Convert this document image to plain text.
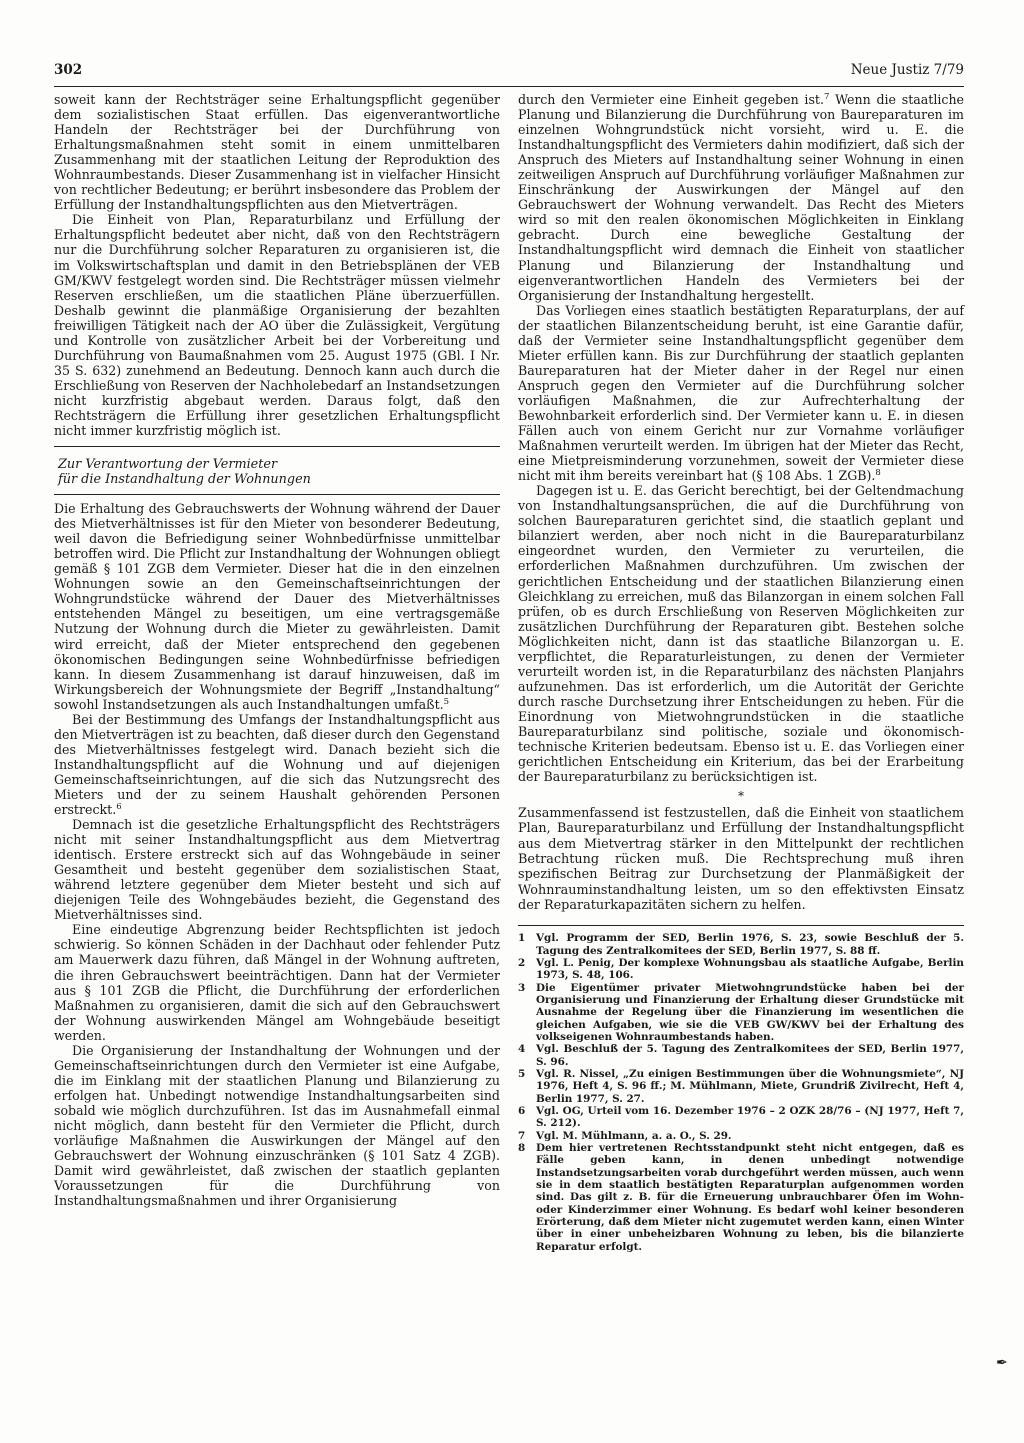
302	Neue Justiz 7/79

soweit kann der Rechtsträger seine Erhaltungspflicht gegenüber dem sozialistischen Staat erfüllen. Das eigenverantwortliche Handeln der Rechtsträger bei der Durchführung von Erhaltungsmaßnahmen steht somit in einem unmittelbaren Zusammenhang mit der staatlichen Leitung der Reproduktion des Wohnraumbestands. Dieser Zusammenhang ist in vielfacher Hinsicht von rechtlicher Bedeutung; er berührt insbesondere das Problem der Erfüllung der Instandhaltungspflichten aus den Mietverträgen.

Die Einheit von Plan, Reparaturbilanz und Erfüllung der Erhaltungspflicht bedeutet aber nicht, daß von den Rechtsträgern nur die Durchführung solcher Reparaturen zu organisieren ist, die im Volkswirtschaftsplan und damit in den Betriebsplänen der VEB GM/KWV festgelegt worden sind. Die Rechtsträger müssen vielmehr Reserven erschließen, um die staatlichen Pläne überzuerfüllen. Deshalb gewinnt die planmäßige Organisierung der bezahlten freiwilligen Tätigkeit nach der AO über die Zulässigkeit, Vergütung und Kontrolle von zusätzlicher Arbeit bei der Vorbereitung und Durchführung von Baumaßnahmen vom 25. August 1975 (GBl. I Nr. 35 S. 632) zunehmend an Bedeutung. Dennoch kann auch durch die Erschließung von Reserven der Nachholebedarf an Instandsetzungen nicht kurzfristig abgebaut werden. Daraus folgt, daß den Rechtsträgern die Erfüllung ihrer gesetzlichen Erhaltungspflicht nicht immer kurzfristig möglich ist.

Zur Verantwortung der Vermieter
für die Instandhaltung der Wohnungen

Die Erhaltung des Gebrauchswerts der Wohnung während der Dauer des Mietverhältnisses ist für den Mieter von besonderer Bedeutung, weil davon die Befriedigung seiner Wohnbedürfnisse unmittelbar betroffen wird. Die Pflicht zur Instandhaltung der Wohnungen obliegt gemäß § 101 ZGB dem Vermieter. Dieser hat die in den einzelnen Wohnungen sowie an den Gemeinschaftseinrichtungen der Wohngrundstücke während der Dauer des Mietverhältnisses entstehenden Mängel zu beseitigen, um eine vertragsgemäße Nutzung der Wohnung durch die Mieter zu gewährleisten. Damit wird erreicht, daß der Mieter entsprechend den gegebenen ökonomischen Bedingungen seine Wohnbedürfnisse befriedigen kann. In diesem Zusammenhang ist darauf hinzuweisen, daß im Wirkungsbereich der Wohnungsmiete der Begriff „Instandhaltung“ sowohl Instandsetzungen als auch Instandhaltungen umfaßt.$^5$

Bei der Bestimmung des Umfangs der Instandhaltungspflicht aus den Mietverträgen ist zu beachten, daß dieser durch den Gegenstand des Mietverhältnisses festgelegt wird. Danach bezieht sich die Instandhaltungspflicht auf die Wohnung und auf diejenigen Gemeinschaftseinrichtungen, auf die sich das Nutzungsrecht des Mieters und der zu seinem Haushalt gehörenden Personen erstreckt.$^6$

Demnach ist die gesetzliche Erhaltungspflicht des Rechtsträgers nicht mit seiner Instandhaltungspflicht aus dem Mietvertrag identisch. Erstere erstreckt sich auf das Wohngebäude in seiner Gesamtheit und besteht gegenüber dem sozialistischen Staat, während letztere gegenüber dem Mieter besteht und sich auf diejenigen Teile des Wohngebäudes bezieht, die Gegenstand des Mietverhältnisses sind.

Eine eindeutige Abgrenzung beider Rechtspflichten ist jedoch schwierig. So können Schäden in der Dachhaut oder fehlender Putz am Mauerwerk dazu führen, daß Mängel in der Wohnung auftreten, die ihren Gebrauchswert beeinträchtigen. Dann hat der Vermieter aus § 101 ZGB die Pflicht, die Durchführung der erforderlichen Maßnahmen zu organisieren, damit die sich auf den Gebrauchswert der Wohnung auswirkenden Mängel am Wohngebäude beseitigt werden.

Die Organisierung der Instandhaltung der Wohnungen und der Gemeinschaftseinrichtungen durch den Vermieter ist eine Aufgabe, die im Einklang mit der staatlichen Planung und Bilanzierung zu erfolgen hat. Unbedingt notwendige Instandhaltungsarbeiten sind sobald wie möglich durchzuführen. Ist das im Ausnahmefall einmal nicht möglich, dann besteht für den Vermieter die Pflicht, durch vorläufige Maßnahmen die Auswirkungen der Mängel auf den Gebrauchswert der Wohnung einzuschränken (§ 101 Satz 4 ZGB). Damit wird gewährleistet, daß zwischen der staatlich geplanten Voraussetzungen für die Durchführung von Instandhaltungsmaßnahmen und ihrer Organisierung

durch den Vermieter eine Einheit gegeben ist.$^7$ Wenn die staatliche Planung und Bilanzierung die Durchführung von Baureparaturen im einzelnen Wohngrundstück nicht vorsieht, wird u. E. die Instandhaltungspflicht des Vermieters dahin modifiziert, daß sich der Anspruch des Mieters auf Instandhaltung seiner Wohnung in einen zeitweiligen Anspruch auf Durchführung vorläufiger Maßnahmen zur Einschränkung der Auswirkungen der Mängel auf den Gebrauchswert der Wohnung verwandelt. Das Recht des Mieters wird so mit den realen ökonomischen Möglichkeiten in Einklang gebracht. Durch eine bewegliche Gestaltung der Instandhaltungspflicht wird demnach die Einheit von staatlicher Planung und Bilanzierung der Instandhaltung und eigenverantwortlichen Handeln des Vermieters bei der Organisierung der Instandhaltung hergestellt.

Das Vorliegen eines staatlich bestätigten Reparaturplans, der auf der staatlichen Bilanzentscheidung beruht, ist eine Garantie dafür, daß der Vermieter seine Instandhaltungspflicht gegenüber dem Mieter erfüllen kann. Bis zur Durchführung der staatlich geplanten Baureparaturen hat der Mieter daher in der Regel nur einen Anspruch gegen den Vermieter auf die Durchführung solcher vorläufigen Maßnahmen, die zur Aufrechterhaltung der Bewohnbarkeit erforderlich sind. Der Vermieter kann u. E. in diesen Fällen auch von einem Gericht nur zur Vornahme vorläufiger Maßnahmen verurteilt werden. Im übrigen hat der Mieter das Recht, eine Mietpreisminderung vorzunehmen, soweit der Vermieter diese nicht mit ihm bereits vereinbart hat (§ 108 Abs. 1 ZGB).$^8$

Dagegen ist u. E. das Gericht berechtigt, bei der Geltendmachung von Instandhaltungsansprüchen, die auf die Durchführung von solchen Baureparaturen gerichtet sind, die staatlich geplant und bilanziert werden, aber noch nicht in die Baureparaturbilanz eingeordnet wurden, den Vermieter zu verurteilen, die erforderlichen Maßnahmen durchzuführen. Um zwischen der gerichtlichen Entscheidung und der staatlichen Bilanzierung einen Gleichklang zu erreichen, muß das Bilanzorgan in einem solchen Fall prüfen, ob es durch Erschließung von Reserven Möglichkeiten zur zusätzlichen Durchführung der Reparaturen gibt. Bestehen solche Möglichkeiten nicht, dann ist das staatliche Bilanzorgan u. E. verpflichtet, die Reparaturleistungen, zu denen der Vermieter verurteilt worden ist, in die Reparaturbilanz des nächsten Planjahrs aufzunehmen. Das ist erforderlich, um die Autorität der Gerichte durch rasche Durchsetzung ihrer Entscheidungen zu heben. Für die Einordnung von Mietwohngrundstücken in die staatliche Baureparaturbilanz sind politische, soziale und ökonomisch-technische Kriterien bedeutsam. Ebenso ist u. E. das Vorliegen einer gerichtlichen Entscheidung ein Kriterium, das bei der Erarbeitung der Baureparaturbilanz zu berücksichtigen ist.

*

Zusammenfassend ist festzustellen, daß die Einheit von staatlichem Plan, Baureparaturbilanz und Erfüllung der Instandhaltungspflicht aus dem Mietvertrag stärker in den Mittelpunkt der rechtlichen Betrachtung rücken muß. Die Rechtsprechung muß ihren spezifischen Beitrag zur Durchsetzung der Planmäßigkeit der Wohnrauminstandhaltung leisten, um so den effektivsten Einsatz der Reparaturkapazitäten sichern zu helfen.

1	Vgl. Programm der SED, Berlin 1976, S. 23, sowie Beschluß der 5. Tagung des Zentralkomitees der SED, Berlin 1977, S. 88 ff.
2	Vgl. L. Penig, Der komplexe Wohnungsbau als staatliche Aufgabe, Berlin 1973, S. 48, 106.
3	Die Eigentümer privater Mietwohngrundstücke haben bei der Organisierung und Finanzierung der Erhaltung dieser Grundstücke mit Ausnahme der Regelung über die Finanzierung im wesentlichen die gleichen Aufgaben, wie sie die VEB GW/KWV bei der Erhaltung des volkseigenen Wohnraumbestands haben.
4	Vgl. Beschluß der 5. Tagung des Zentralkomitees der SED, Berlin 1977, S. 96.
5	Vgl. R. Nissel, „Zu einigen Bestimmungen über die Wohnungsmiete“, NJ 1976, Heft 4, S. 96 ff.; M. Mühlmann, Miete, Grundriß Zivilrecht, Heft 4, Berlin 1977, S. 27.
6	Vgl. OG, Urteil vom 16. Dezember 1976 – 2 OZK 28/76 – (NJ 1977, Heft 7, S. 212).
7	Vgl. M. Mühlmann, a. a. O., S. 29.
8	Dem hier vertretenen Rechtsstandpunkt steht nicht entgegen, daß es Fälle geben kann, in denen unbedingt notwendige Instandsetzungsarbeiten vorab durchgeführt werden müssen, auch wenn sie in dem staatlich bestätigten Reparaturplan aufgenommen worden sind. Das gilt z. B. für die Erneuerung unbrauchbarer Öfen im Wohn- oder Kinderzimmer einer Wohnung. Es bedarf wohl keiner besonderen Erörterung, daß dem Mieter nicht zugemutet werden kann, einen Winter über in einer unbeheizbaren Wohnung zu leben, bis die bilanzierte Reparatur erfolgt.
✒
